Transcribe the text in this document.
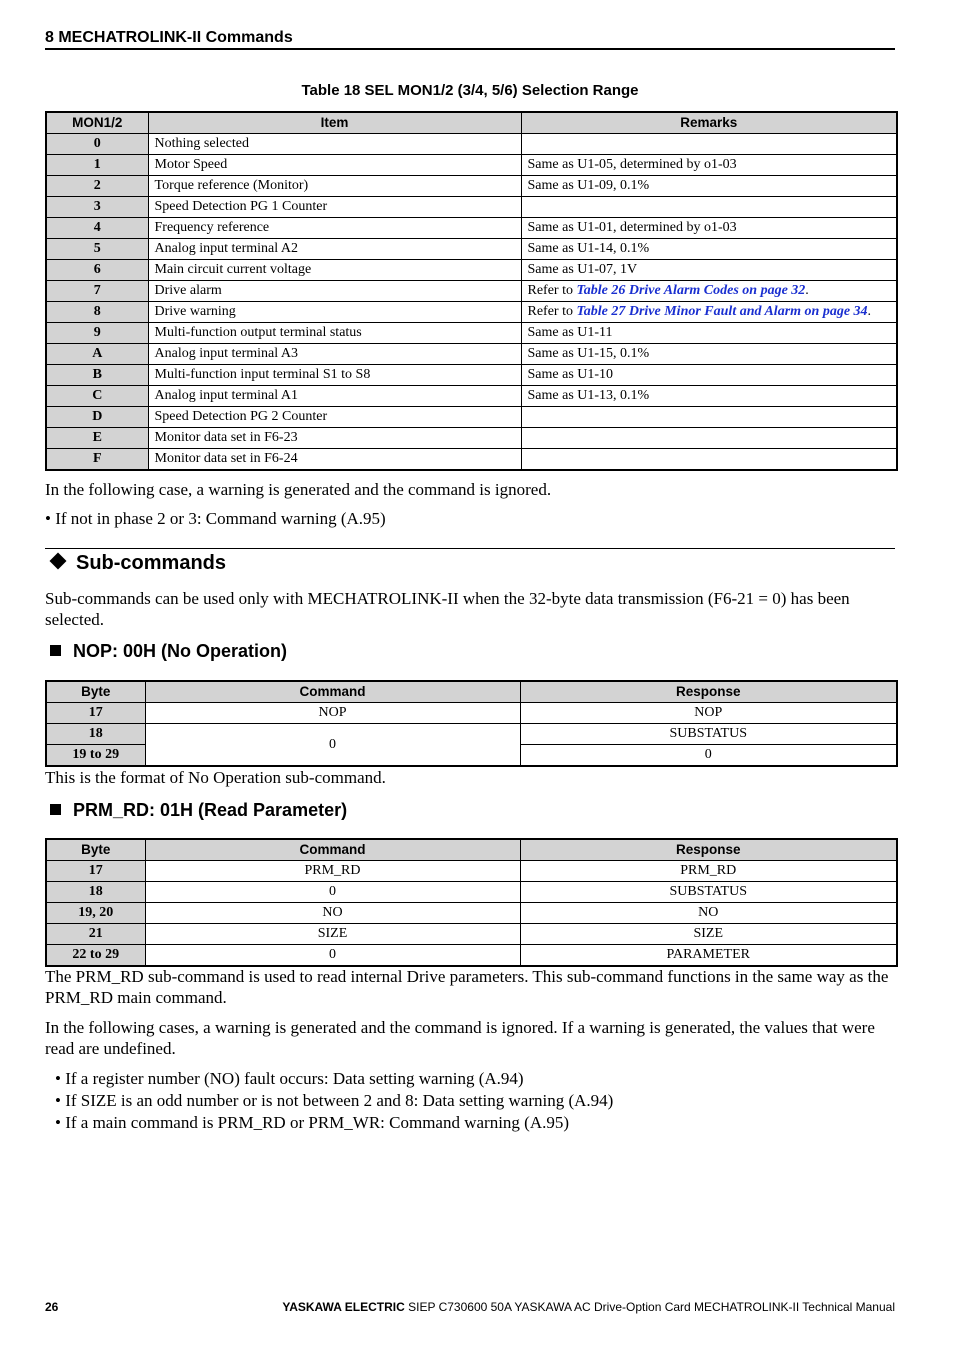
8 MECHATROLINK-II Commands
Table 18 SEL MON1/2 (3/4, 5/6) Selection Range
MON1/2	Item	Remarks
0	Nothing selected	
1	Motor Speed	Same as U1-05, determined by o1-03
2	Torque reference (Monitor)	Same as U1-09, 0.1%
3	Speed Detection PG 1 Counter	
4	Frequency reference	Same as U1-01, determined by o1-03
5	Analog input terminal A2	Same as U1-14, 0.1%
6	Main circuit current voltage	Same as U1-07, 1V
7	Drive alarm	Refer to Table 26 Drive Alarm Codes on page 32.
8	Drive warning	Refer to Table 27 Drive Minor Fault and Alarm on page 34.
9	Multi-function output terminal status	Same as U1-11
A	Analog input terminal A3	Same as U1-15, 0.1%
B	Multi-function input terminal S1 to S8	Same as U1-10
C	Analog input terminal A1	Same as U1-13, 0.1%
D	Speed Detection PG 2 Counter	
E	Monitor data set in F6-23	
F	Monitor data set in F6-24	
In the following case, a warning is generated and the command is ignored.
• If not in phase 2 or 3: Command warning (A.95)
Sub-commands
Sub-commands can be used only with MECHATROLINK-II when the 32-byte data transmission (F6-21 = 0) has been selected.
NOP: 00H (No Operation)
Byte	Command	Response
17	NOP	NOP
18	0	SUBSTATUS
19 to 29		0
This is the format of No Operation sub-command.
PRM_RD: 01H (Read Parameter)
Byte	Command	Response
17	PRM_RD	PRM_RD
18	0	SUBSTATUS
19, 20	NO	NO
21	SIZE	SIZE
22 to 29	0	PARAMETER
The PRM_RD sub-command is used to read internal Drive parameters. This sub-command functions in the same way as the PRM_RD main command.
In the following cases, a warning is generated and the command is ignored. If a warning is generated, the values that were read are undefined.
• If a register number (NO) fault occurs: Data setting warning (A.94)
• If SIZE is an odd number or is not between 2 and 8: Data setting warning (A.94)
• If a main command is PRM_RD or PRM_WR: Command warning (A.95)
26	YASKAWA ELECTRIC SIEP C730600 50A YASKAWA AC Drive-Option Card MECHATROLINK-II Technical Manual
